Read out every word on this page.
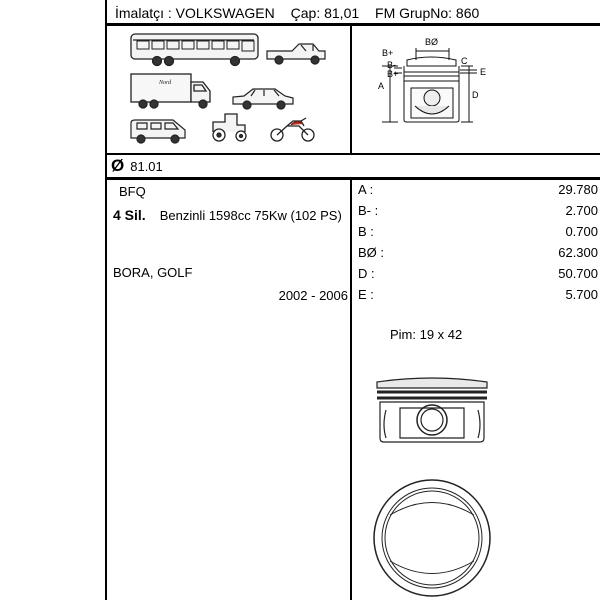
İmalatçı : VOLKSWAGEN Çap: 81,01 FM GrupNo: 860
Nord
BØ
B+
B-
B+
C
E
A
D
Ø 81.01
BFQ
4 Sil. Benzinli 1598cc 75Kw (102 PS)
BORA, GOLF
2002 - 2006
A :	29.780
B- :	2.700
B :	0.700
BØ :	62.300
D :	50.700
E :	5.700
Pim: 19 x 42
